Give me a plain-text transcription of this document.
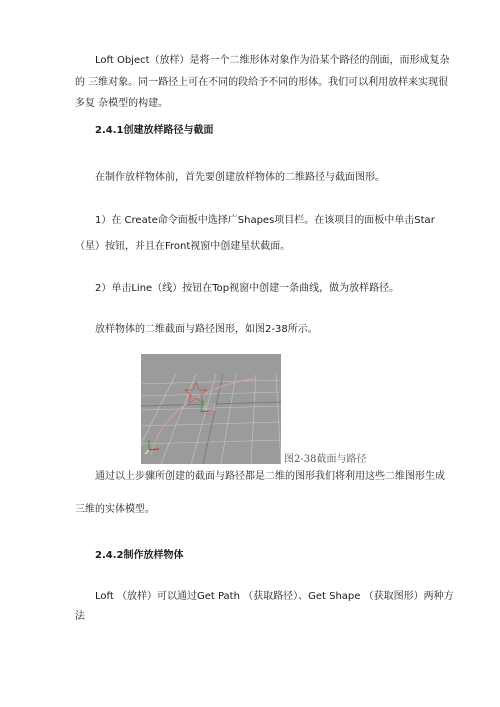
Loft Object（放样）是将一个二维形体对象作为沿某个路径的剖面，而形成复杂
的 三维对象。同一路径上可在不同的段给予不同的形体。我们可以利用放样来实现很
多复 杂模型的构建。
2.4.1创建放样路径与截面
在制作放样物体前，首先要创建放样物体的二维路径与截面图形。
1）在 Create命令面板中选择广Shapes项目栏。在该项目的面板中单击Star
（星）按钮，并且在Front视窗中创建星状截面。
2）单击Line（线）按钮在Top视窗中创建一条曲线，做为放样路径。
放样物体的二维截面与路径图形，如图2-38所示。
图2-38截面与路径
通过以上步骤所创建的截面与路径都是二维的图形我们将利用这些二维图形生成
三维的实体模型。
2.4.2制作放样物体
Loft （放样）可以通过Get Path （获取路径）、Get Shape （获取图形）两种方
法
